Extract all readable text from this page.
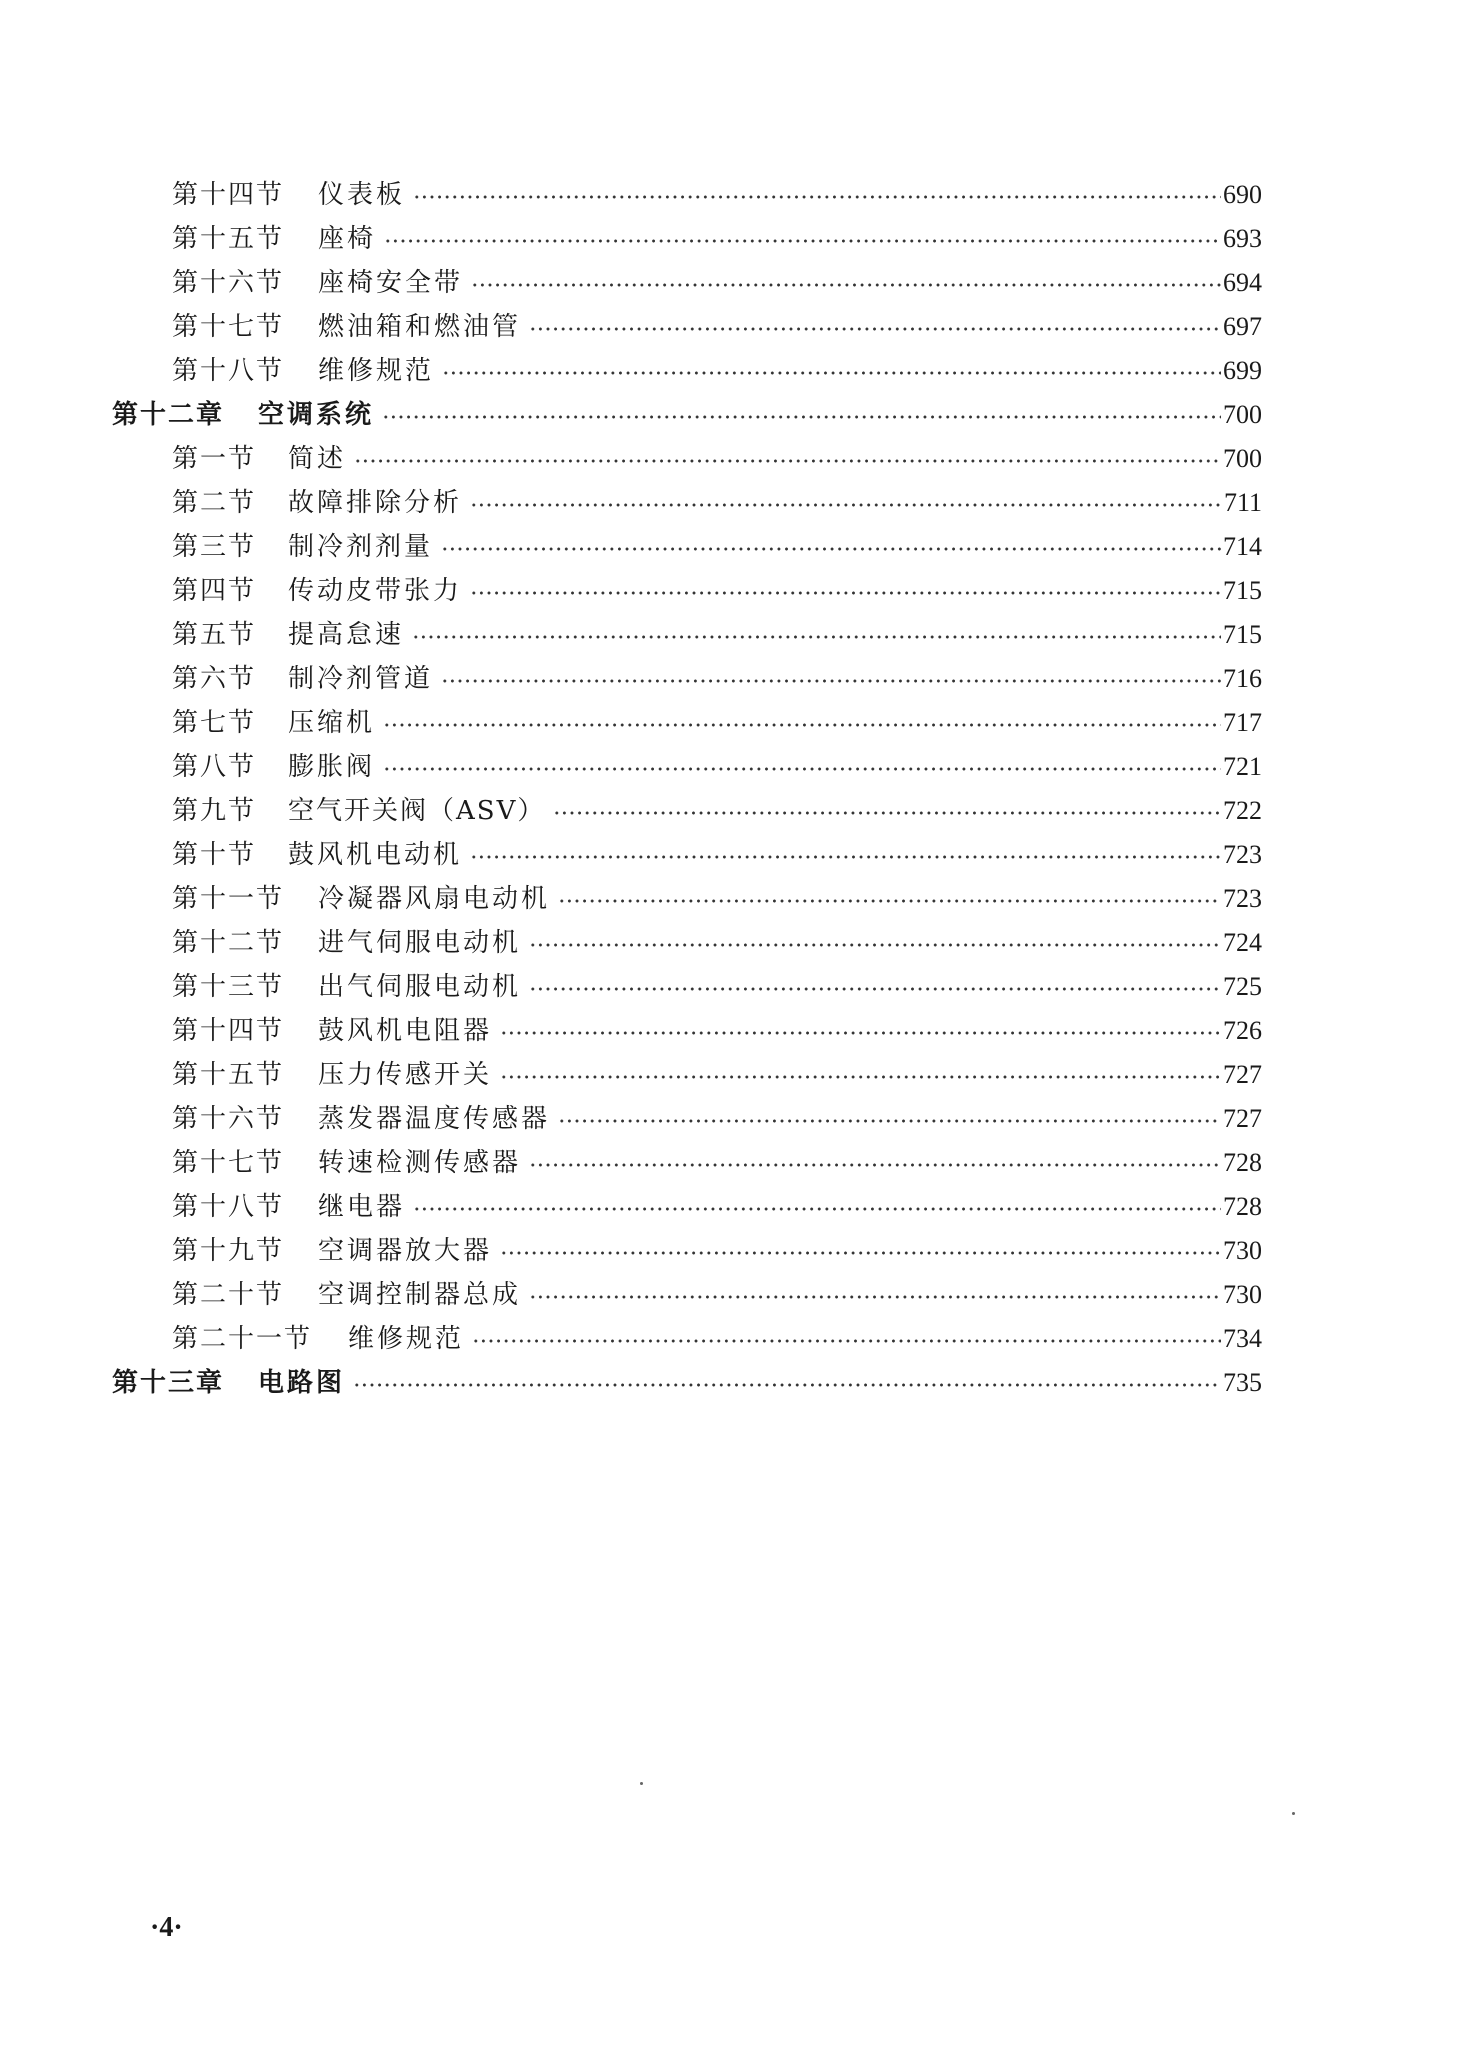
第十四节	仪表板	690
第十五节	座椅	693
第十六节	座椅安全带	694
第十七节	燃油箱和燃油管	697
第十八节	维修规范	699
第十二章	空调系统	700
第一节	简述	700
第二节	故障排除分析	711
第三节	制冷剂剂量	714
第四节	传动皮带张力	715
第五节	提高怠速	715
第六节	制冷剂管道	716
第七节	压缩机	717
第八节	膨胀阀	721
第九节	空气开关阀（ASV）	722
第十节	鼓风机电动机	723
第十一节	冷凝器风扇电动机	723
第十二节	进气伺服电动机	724
第十三节	出气伺服电动机	725
第十四节	鼓风机电阻器	726
第十五节	压力传感开关	727
第十六节	蒸发器温度传感器	727
第十七节	转速检测传感器	728
第十八节	继电器	728
第十九节	空调器放大器	730
第二十节	空调控制器总成	730
第二十一节	维修规范	734
第十三章	电路图	735
·4·
